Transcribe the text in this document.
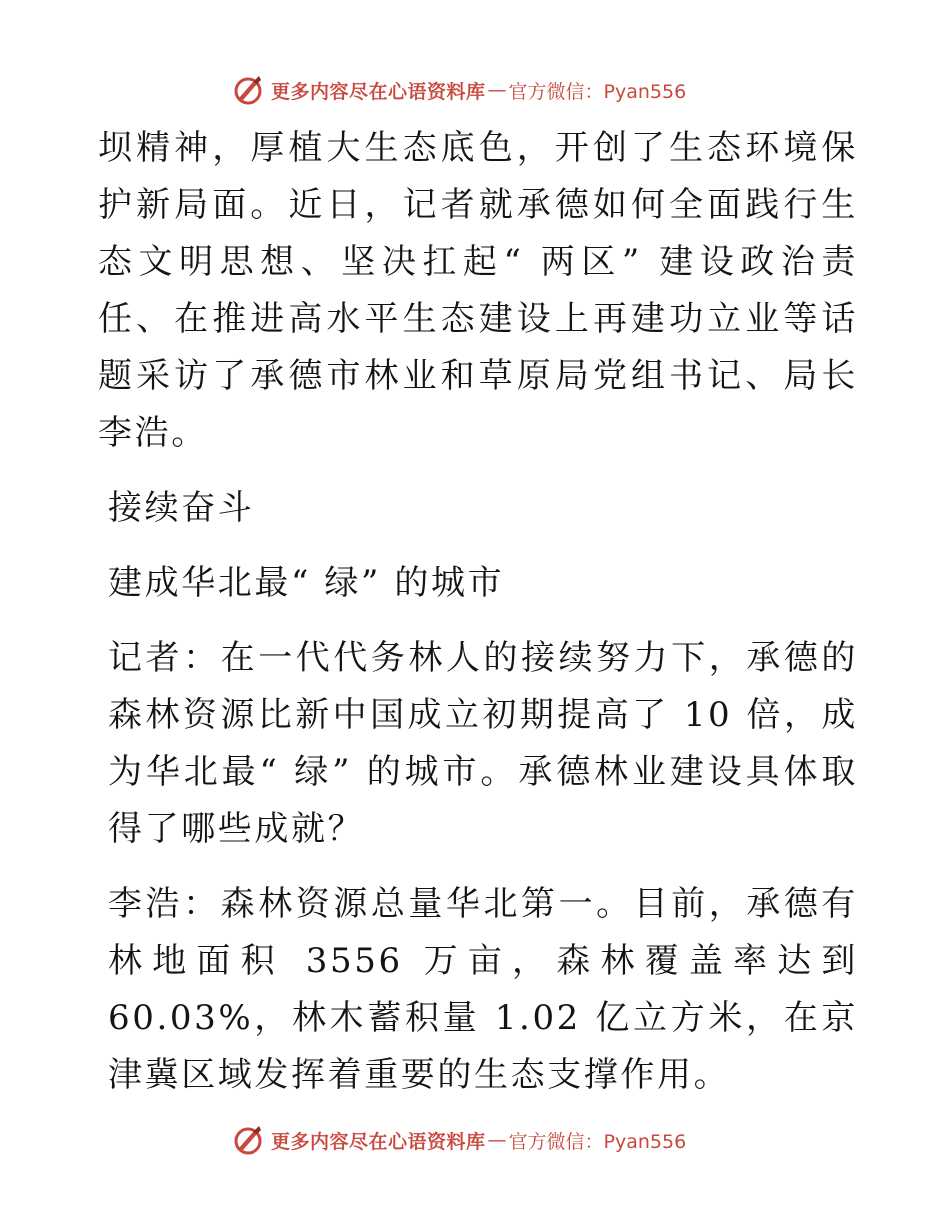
更多内容尽在心语资料库 — 官方微信：Pyan556

坝精神，厚植大生态底色，开创了生态环境保护新局面。近日，记者就承德如何全面践行生态文明思想、坚决扛起“ 两区” 建设政治责任、在推进高水平生态建设上再建功立业等话题采访了承德市林业和草原局党组书记、局长李浩。

接续奋斗

建成华北最“ 绿” 的城市

记者：在一代代务林人的接续努力下，承德的森林资源比新中国成立初期提高了 10 倍，成为华北最“ 绿” 的城市。承德林业建设具体取得了哪些成就？

李浩：森林资源总量华北第一。目前，承德有林地面积 3556 万亩，森林覆盖率达到 60.03%，林木蓄积量 1.02 亿立方米，在京津冀区域发挥着重要的生态支撑作用。

更多内容尽在心语资料库 — 官方微信：Pyan556
